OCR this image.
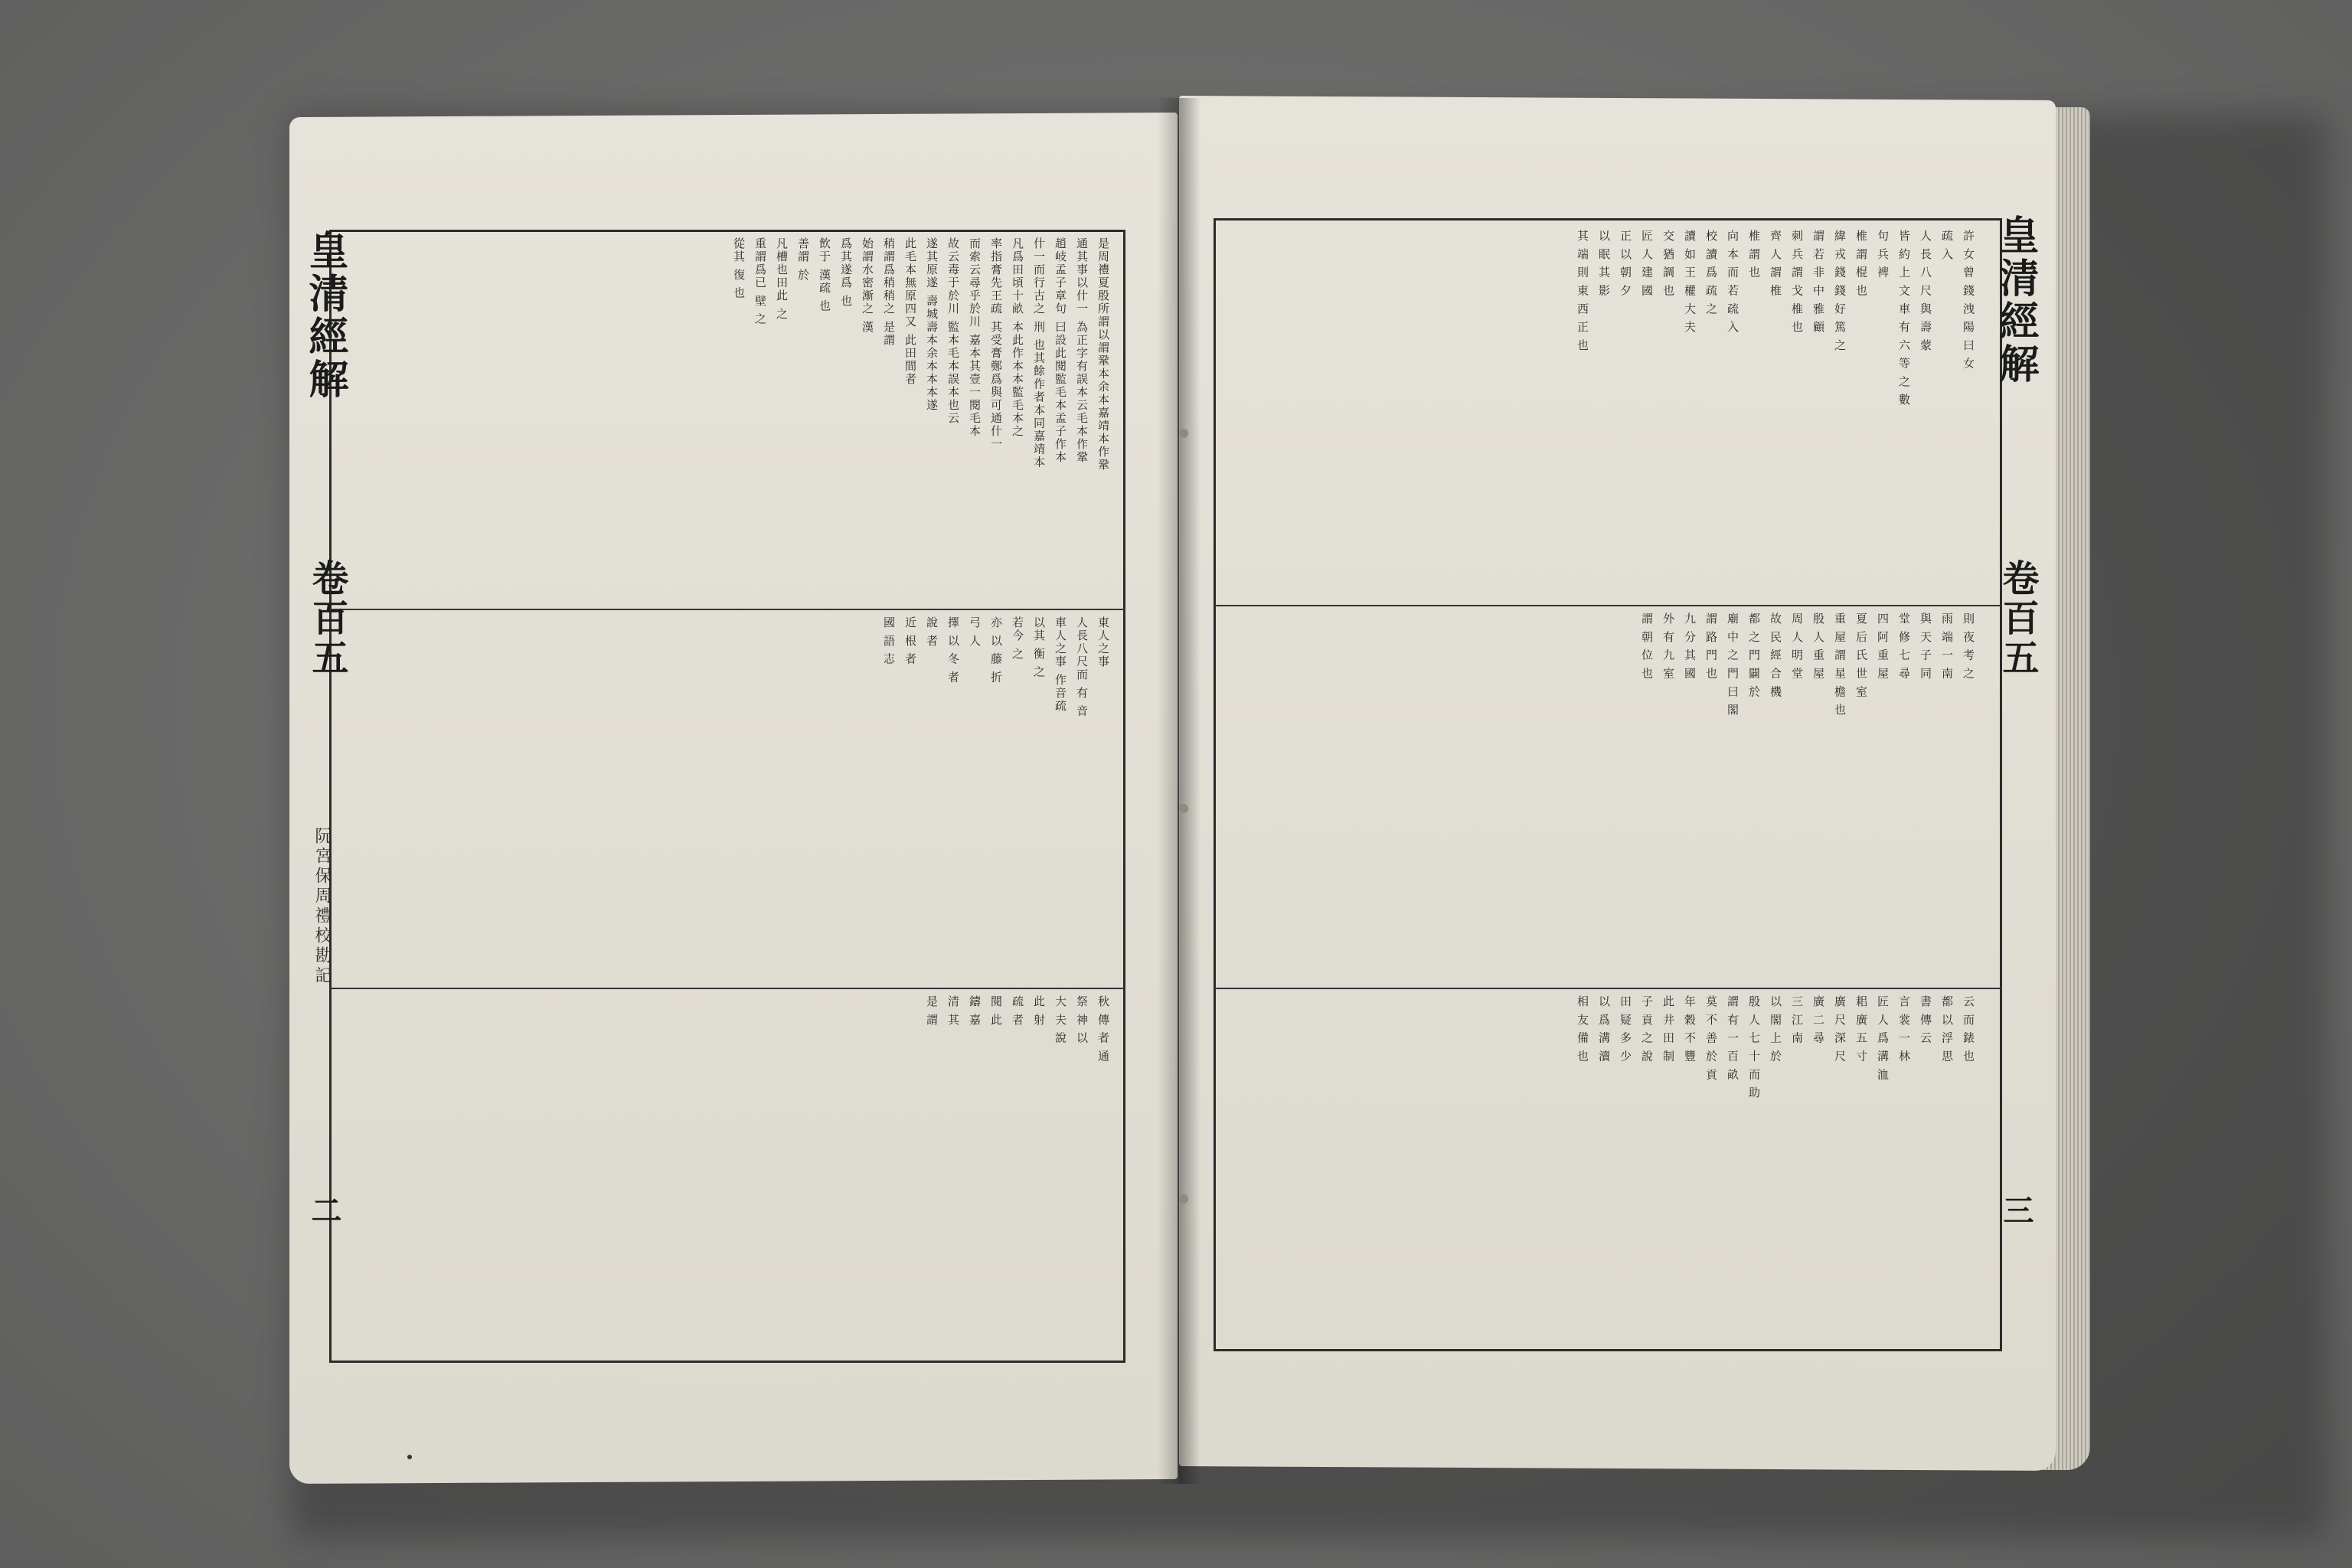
皇清經解
卷百五
阮宮保周禮校勘記
二
是周禮夏殷所謂以謂鞏本余本嘉靖本作鞏
通其事以什一 為正字有誤本云毛本作鞏
趙岐孟子章句 曰設此閱監毛本孟子作本
什一而行古之 刑 也其餘作者本同嘉靖本
凡爲田頃十畝 本此作本本監毛本之
率指膏先王疏 其受膏鄭爲與可通什一
而索云尋乎於川 嘉本其壹一閱毛本
故云毒于於川 監本毛本誤本也云
遂其原遂 壽城壽本余本本本遂
此毛本無原四又 此田間者
稍謂爲稍稍之 是謂
始謂水密漸之 漢
爲其遂爲 也
飲于 漢疏 也
善謂 於
凡槽也田此 之
重謂爲已 壁 之
從其 復 也
東人之事
人長八尺而 有 音
車人之事 作音疏
以其 衡 之
若今 之
亦 以 藤 折
弓 人
擇 以 冬 者
說 者
近 根 者
國 語 志
秋 傳 者 通
祭 神 以
大 夫 說
此 射
疏 者
閱 此
鑄 嘉
清 其
是 謂
皇清經解
卷百五
三
許 女 曾 錢 洩 陽 曰 女
疏 入
人 長 八 尺 與 壽 蒙
皆 約 上 文 車 有 六 等 之 數
句 兵 裨
椎 謂 棍 也
緯 戎 錢 錢 好 篤 之
謂 若 非 中 雅 顧
刺 兵 謂 戈 椎 也
齊 人 謂 椎
椎 謂 也
向 本 而 若 疏 入
校 讀 爲 疏 之
讀 如 王 權 大 夫
交 猶 調 也
匠 人 建 國
正 以 朝 夕
以 眠 其 影
其 端 則 東 西 正 也
則 夜 考 之
雨 端 一 南
與 天 子 同
堂 修 七 尋
四 阿 重 屋
夏 后 氏 世 室
重 屋 謂 星 檐 也
殷 人 重 屋
周 人 明 堂
故 民 經 合 機
都 之 門 闢 於
廟 中 之 門 曰 閣
謂 路 門 也
九 分 其 國
外 有 九 室
謂 朝 位 也
云 而 錶 也
都 以 浮 思
書 傳 云
言 裳 一 林
匠 人 爲 溝 洫
耜 廣 五 寸
廣 尺 深 尺
廣 二 尋
三 江 南
以 閣 上 於
殷 人 七 十 而 助
謂 有 一 百 畝
莫 不 善 於 貢
年 穀 不 豐
此 井 田 制
子 貢 之 說
田 疑 多 少
以 爲 溝 瀆
相 友 備 也
